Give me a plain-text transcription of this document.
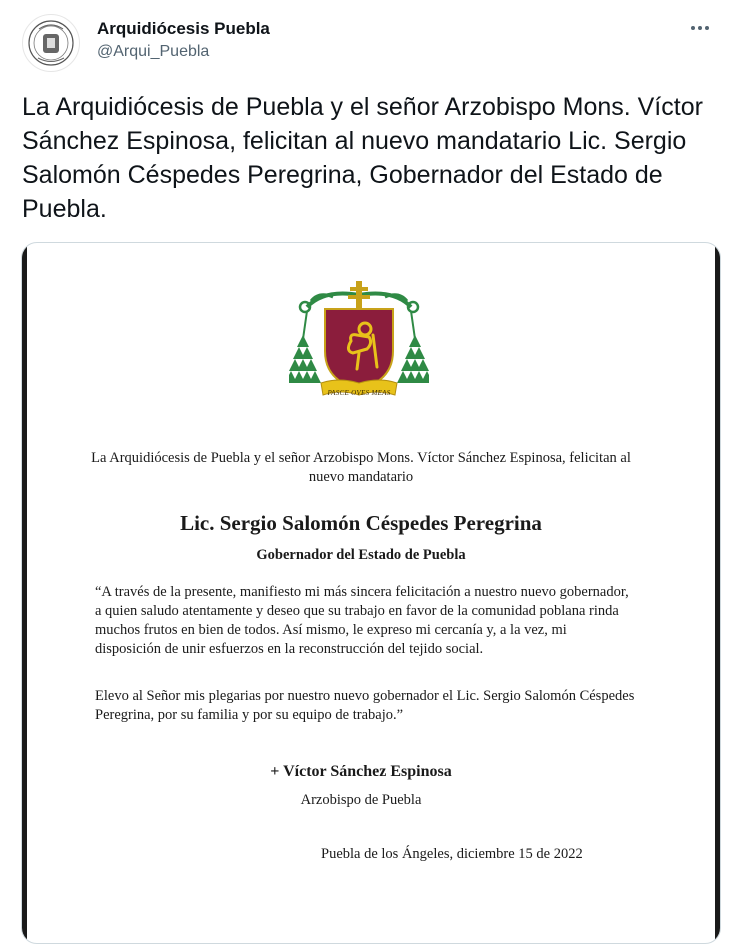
Arquidiócesis Puebla
@Arqui_Puebla

La Arquidiócesis de Puebla y el señor Arzobispo Mons. Víctor Sánchez Espinosa, felicitan al nuevo mandatario Lic. Sergio Salomón Céspedes Peregrina, Gobernador del Estado de Puebla.

PASCE OVES MEAS

La Arquidiócesis de Puebla y el señor Arzobispo Mons. Víctor Sánchez Espinosa, felicitan al nuevo mandatario

Lic. Sergio Salomón Céspedes Peregrina

Gobernador del Estado de Puebla

“A través de la presente, manifiesto mi más sincera felicitación a nuestro nuevo gobernador, a quien saludo atentamente y deseo que su trabajo en favor de la comunidad poblana rinda muchos frutos en bien de todos. Así mismo, le expreso mi cercanía y, a la vez, mi disposición de unir esfuerzos en la reconstrucción del tejido social.

Elevo al Señor mis plegarias por nuestro nuevo gobernador el Lic. Sergio Salomón Céspedes Peregrina, por su familia y por su equipo de trabajo.”

+ Víctor Sánchez Espinosa

Arzobispo de Puebla

Puebla de los Ángeles, diciembre 15 de 2022
